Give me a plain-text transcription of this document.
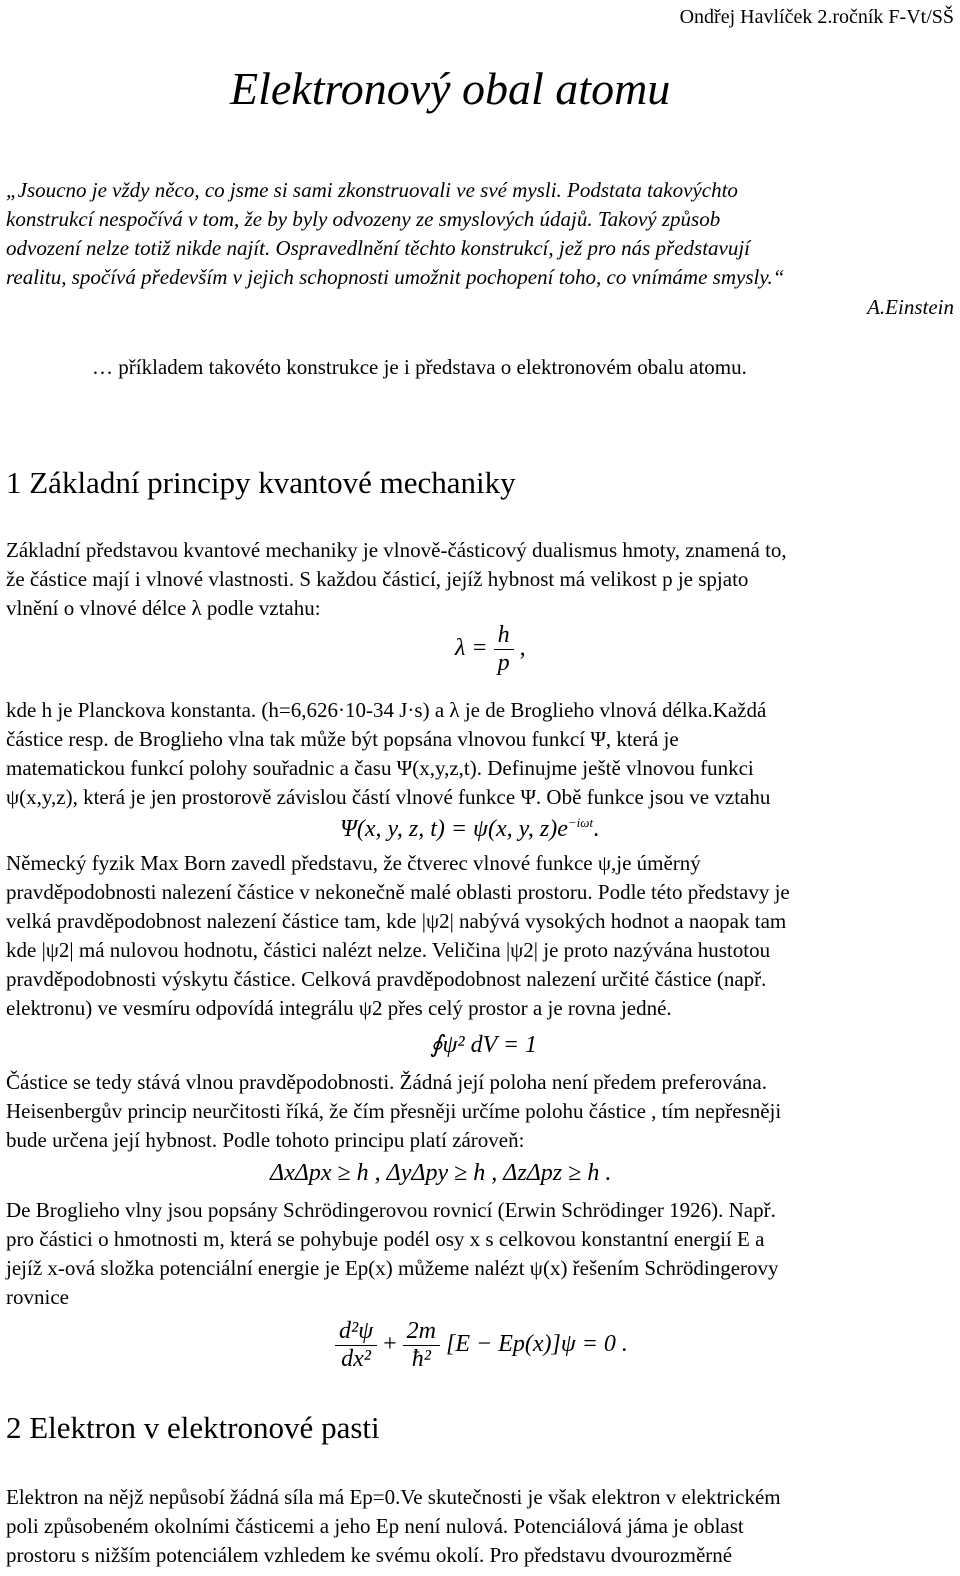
Ondřej Havlíček 2.ročník F-Vt/SŠ
Elektronový obal atomu
„Jsoucno je vždy něco, co jsme si sami zkonstruovali ve své mysli. Podstata takovýchto
konstrukcí nespočívá v tom, že by byly odvozeny ze smyslových údajů. Takový způsob
odvození nelze totiž nikde najít. Ospravedlnění těchto konstrukcí, jež pro nás představují
realitu, spočívá především v jejich schopnosti umožnit pochopení toho, co vnímáme smysly.“
A.Einstein
… příkladem takovéto konstrukce je i představa o elektronovém obalu atomu.
1 Základní principy kvantové mechaniky
Základní představou kvantové mechaniky je vlnově-částicový dualismus hmoty, znamená to,
že částice mají i vlnové vlastnosti. S každou částicí, jejíž hybnost má velikost p je spjato
vlnění o vlnové délce λ podle vztahu:
$\lambda = \frac{h}{p}$ ,
kde h je Planckova konstanta. (h=6,626·10-34 J·s) a λ je de Broglieho vlnová délka.Každá
částice resp. de Broglieho vlna tak může být popsána vlnovou funkcí Ψ, která je
matematickou funkcí polohy souřadnic a času Ψ(x,y,z,t). Definujme ještě vlnovou funkci
ψ(x,y,z), která je jen prostorově závislou částí vlnové funkce Ψ. Obě funkce jsou ve vztahu
Ψ(x, y, z, t) = ψ(x, y, $z)e^{-i\omega t}$.
Německý fyzik Max Born zavedl představu, že čtverec vlnové funkce ψ,je úměrný
pravděpodobnosti nalezení částice v nekonečně malé oblasti prostoru. Podle této představy je
velká pravděpodobnost nalezení částice tam, kde |ψ2| nabývá vysokých hodnot a naopak tam
kde |ψ2| má nulovou hodnotu, částici nalézt nelze. Veličina |ψ2| je proto nazývána hustotou
pravděpodobnosti výskytu částice. Celková pravděpodobnost nalezení určité částice (např.
elektronu) ve vesmíru odpovídá integrálu ψ2 přes celý prostor a je rovna jedné.
∮ψ² dV = 1
Částice se tedy stává vlnou pravděpodobnosti. Žádná její poloha není předem preferována.
Heisenbergův princip neurčitosti říká, že čím přesněji určíme polohu částice , tím nepřesněji
bude určena její hybnost. Podle tohoto principu platí zároveň:
ΔxΔpx ≥ h , ΔyΔpy ≥ h , ΔzΔpz ≥ h .
De Broglieho vlny jsou popsány Schrödingerovou rovnicí (Erwin Schrödinger 1926). Např.
pro částici o hmotnosti m, která se pohybuje podél osy x s celkovou konstantní energií E a
jejíž x-ová složka potenciální energie je Ep(x) můžeme nalézt ψ(x) řešením Schrödingerovy
rovnice
$\frac{\text{d²ψ}}{\text{dx²}} + \frac{2m}{\text{ħ²}} [E - Ep(x)]\psi = 0$ .
2 Elektron v elektronové pasti
Elektron na nějž nepůsobí žádná síla má Ep=0.Ve skutečnosti je však elektron v elektrickém
poli způsobeném okolními částicemi a jeho Ep není nulová. Potenciálová jáma je oblast
prostoru s nižším potenciálem vzhledem ke svému okolí. Pro představu dvourozměrné
